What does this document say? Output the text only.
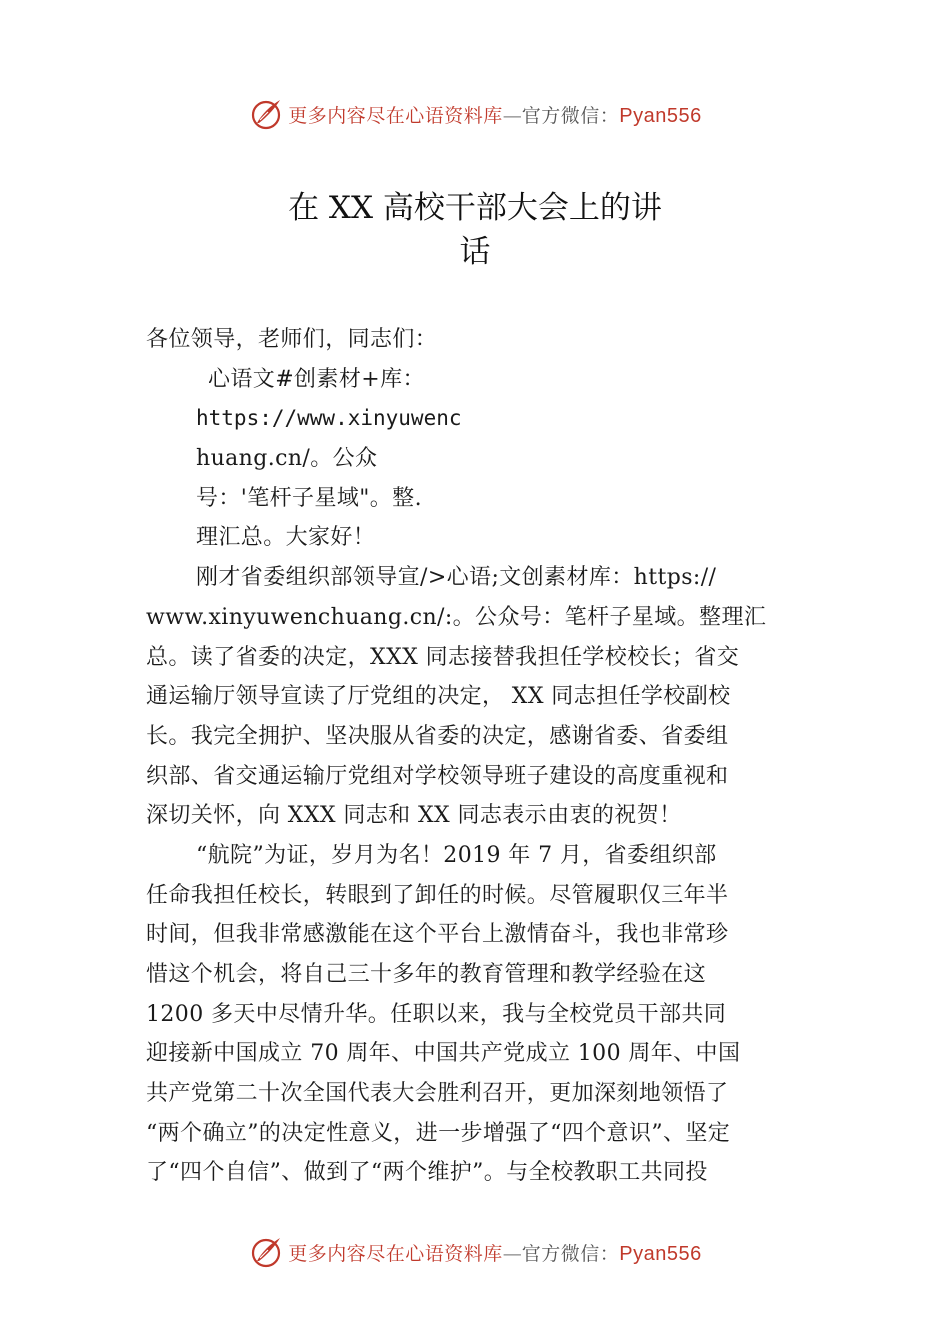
更多内容尽在心语资料库—官方微信：Pyan556
在 XX 高校干部大会上的讲
话
各位领导，老师们，同志们：
心语文#创素材+库：
https://www.xinyuwenc
huang.cn/。公众
号：'笔杆子星域"。整.
理汇总。大家好！
刚才省委组织部领导宣/>心语;文创素材库：https://
www.xinyuwenchuang.cn/:。公众号：笔杆子星域。整理汇
总。读了省委的决定，XXX 同志接替我担任学校校长；省交
通运输厅领导宣读了厅党组的决定， XX 同志担任学校副校
长。我完全拥护、坚决服从省委的决定，感谢省委、省委组
织部、省交通运输厅党组对学校领导班子建设的高度重视和
深切关怀，向 XXX 同志和 XX 同志表示由衷的祝贺！
“航院”为证，岁月为名！2019 年 7 月，省委组织部
任命我担任校长，转眼到了卸任的时候。尽管履职仅三年半
时间，但我非常感激能在这个平台上激情奋斗，我也非常珍
惜这个机会，将自己三十多年的教育管理和教学经验在这
1200 多天中尽情升华。任职以来，我与全校党员干部共同
迎接新中国成立 70 周年、中国共产党成立 100 周年、中国
共产党第二十次全国代表大会胜利召开，更加深刻地领悟了
“两个确立”的决定性意义，进一步增强了“四个意识”、坚定
了“四个自信”、做到了“两个维护”。与全校教职工共同投
更多内容尽在心语资料库—官方微信：Pyan556
